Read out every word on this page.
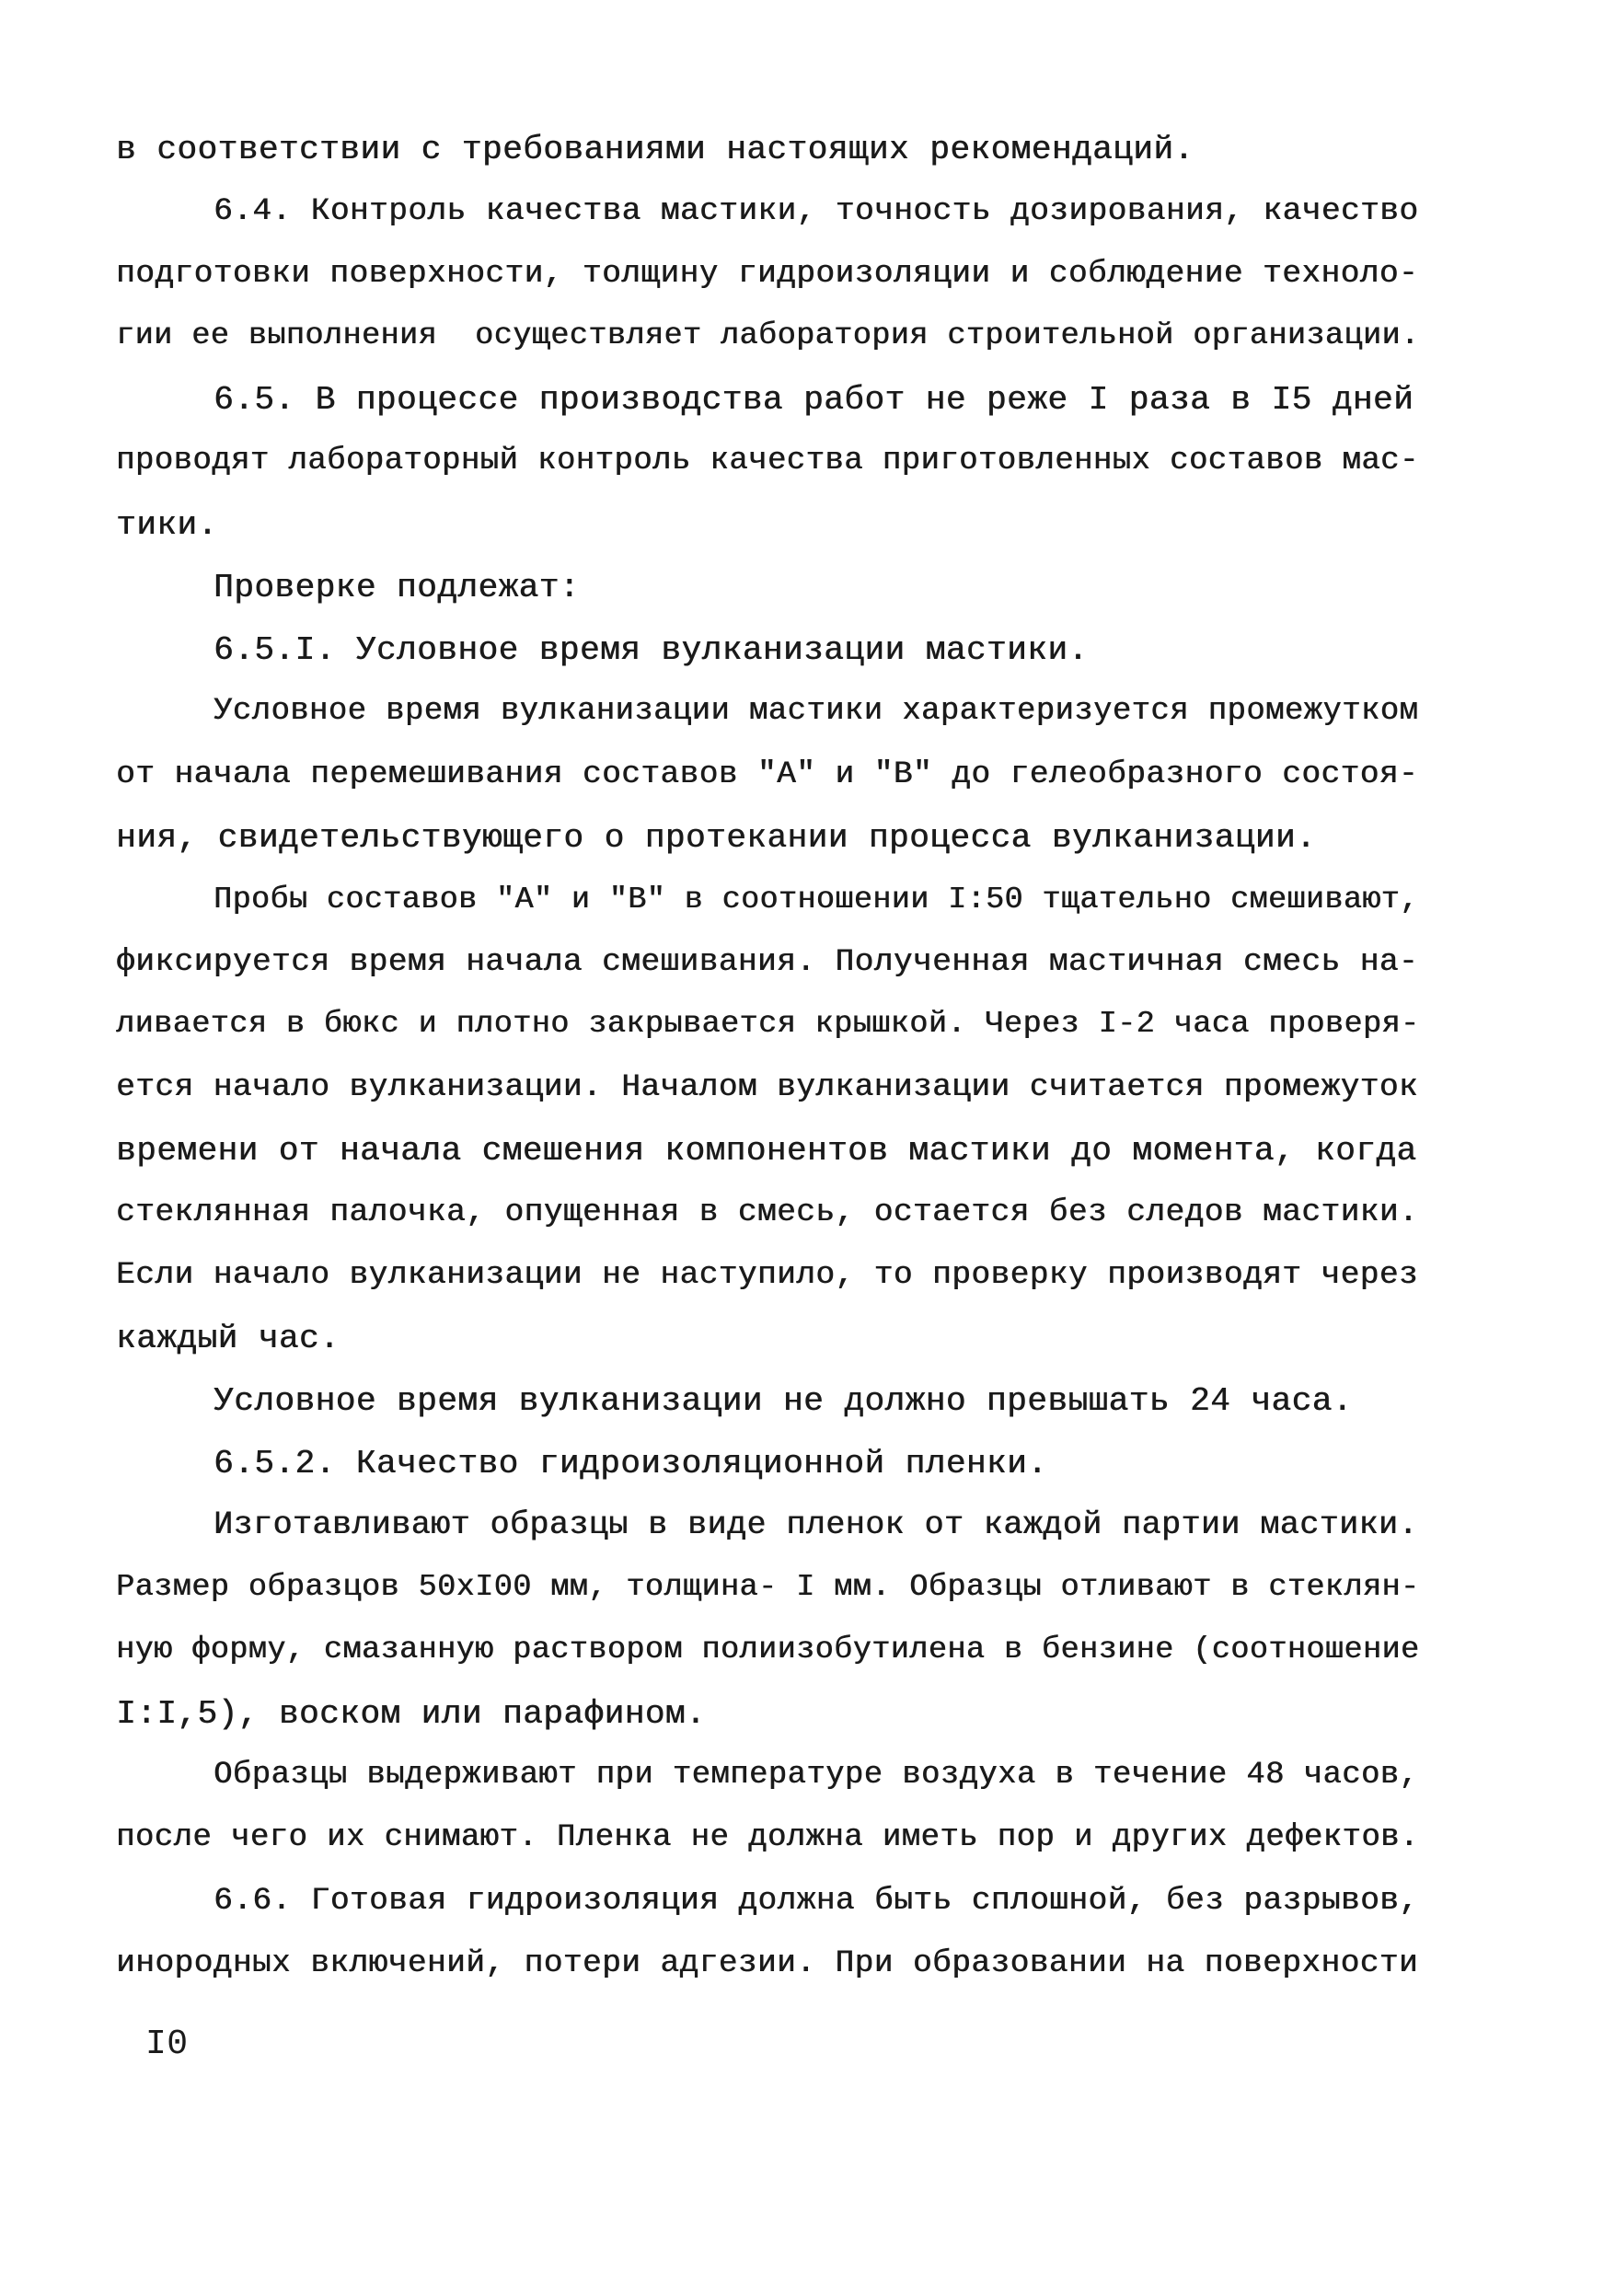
в соответствии с требованиями настоящих рекомендаций.
6.4. Контроль качества мастики, точность дозирования, качество
подготовки поверхности, толщину гидроизоляции и соблюдение техноло-
гии ее выполнения  осуществляет лаборатория строительной организации.
6.5. В процессе производства работ не реже I раза в I5 дней
проводят лабораторный контроль качества приготовленных составов мас-
тики.
Проверке подлежат:
6.5.I. Условное время вулканизации мастики.
Условное время вулканизации мастики характеризуется промежутком
от начала перемешивания составов "А" и "В" до гелеобразного состоя-
ния, свидетельствующего о протекании процесса вулканизации.
Пробы составов "А" и "В" в соотношении I:50 тщательно смешивают,
фиксируется время начала смешивания. Полученная мастичная смесь на-
ливается в бюкс и плотно закрывается крышкой. Через I-2 часа проверя-
ется начало вулканизации. Началом вулканизации считается промежуток
времени от начала смешения компонентов мастики до момента, когда
стеклянная палочка, опущенная в смесь, остается без следов мастики.
Если начало вулканизации не наступило, то проверку производят через
каждый час.
Условное время вулканизации не должно превышать 24 часа.
6.5.2. Качество гидроизоляционной пленки.
Изготавливают образцы в виде пленок от каждой партии мастики.
Размер образцов 50хI00 мм, толщина- I мм. Образцы отливают в стеклян-
ную форму, смазанную раствором полиизобутилена в бензине (соотношение
I:I,5), воском или парафином.
Образцы выдерживают при температуре воздуха в течение 48 часов,
после чего их снимают. Пленка не должна иметь пор и других дефектов.
6.6. Готовая гидроизоляция должна быть сплошной, без разрывов,
инородных включений, потери адгезии. При образовании на поверхности
I0
